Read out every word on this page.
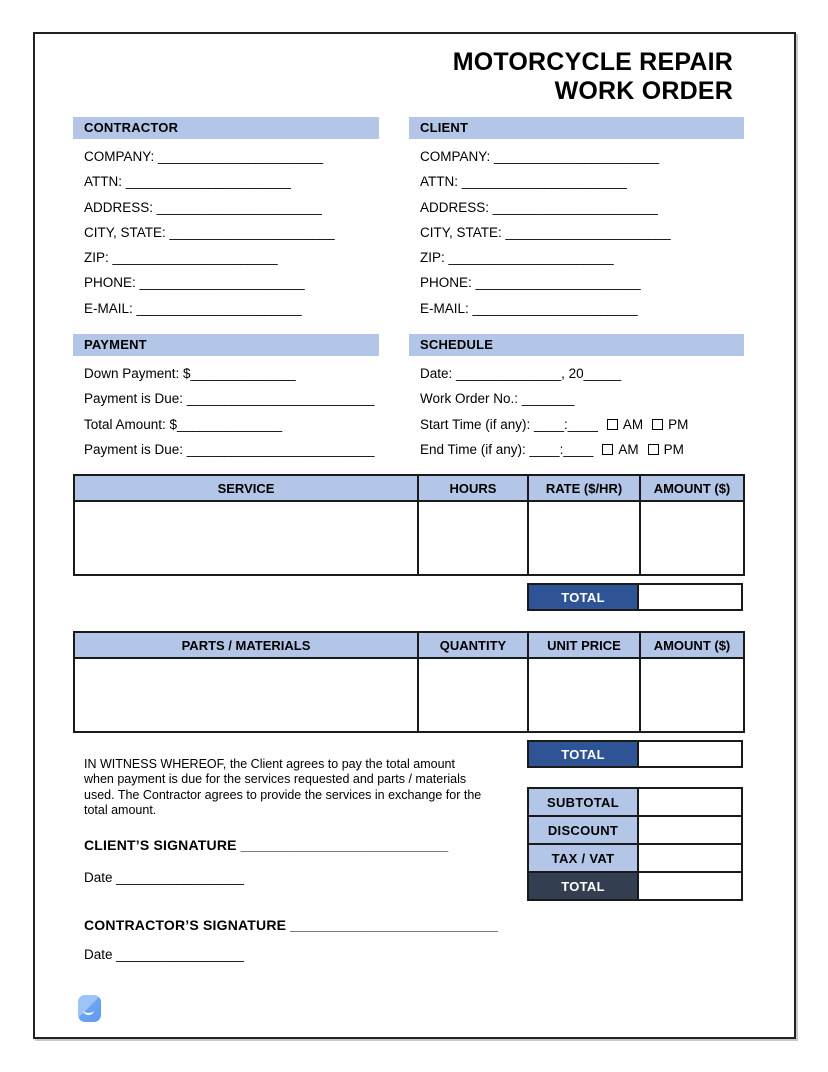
MOTORCYCLE REPAIR
WORK ORDER
CONTRACTOR
COMPANY: ______________________
ATTN: ______________________
ADDRESS: ______________________
CITY, STATE: ______________________
ZIP: ______________________
PHONE: ______________________
E-MAIL: ______________________
CLIENT
COMPANY: ______________________
ATTN: ______________________
ADDRESS: ______________________
CITY, STATE: ______________________
ZIP: ______________________
PHONE: ______________________
E-MAIL: ______________________
PAYMENT
Down Payment: $______________
Payment is Due: _________________________
Total Amount: $______________
Payment is Due: _________________________
SCHEDULE
Date: ______________, 20_____
Work Order No.: _______
Start Time (if any): ____:____ AM PM
End Time (if any): ____:____ AM PM
SERVICE	HOURS	RATE ($/HR)	AMOUNT ($)

TOTAL
PARTS / MATERIALS	QUANTITY	UNIT PRICE	AMOUNT ($)

TOTAL
IN WITNESS WHEREOF, the Client agrees to pay the total amount when payment is due for the services requested and parts / materials used. The Contractor agrees to provide the services in exchange for the total amount.
SUBTOTAL	
DISCOUNT	
TAX / VAT	
TOTAL	
CLIENT’S SIGNATURE __________________________
Date _________________
CONTRACTOR’S SIGNATURE __________________________
Date _________________
